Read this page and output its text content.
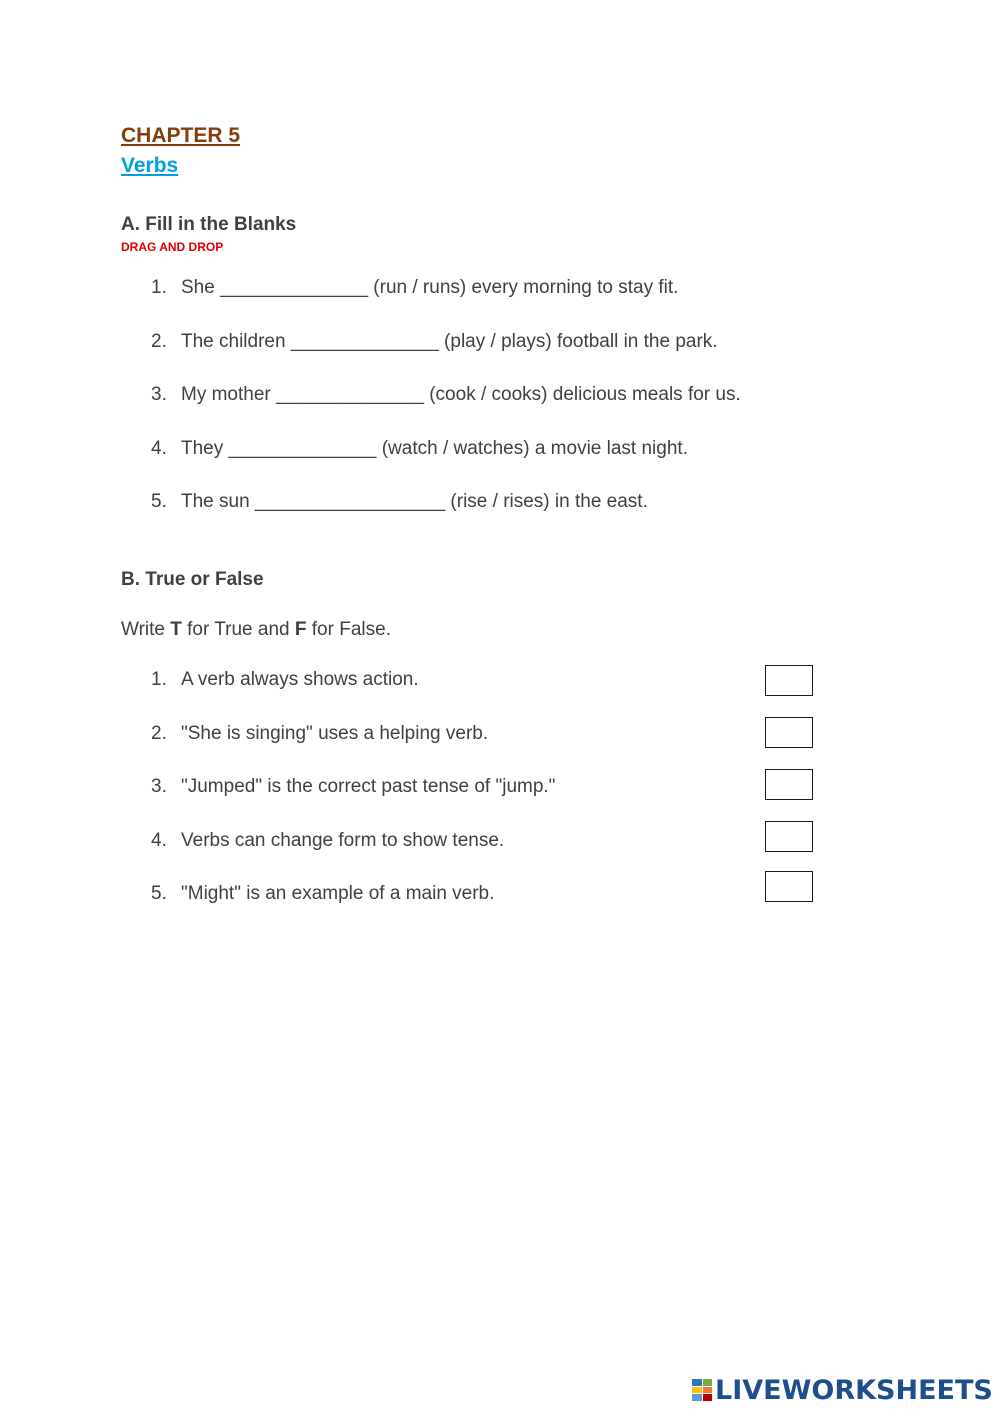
CHAPTER 5
Verbs
A. Fill in the Blanks
DRAG AND DROP
1. She ______________ (run / runs) every morning to stay fit.
2. The children ______________ (play / plays) football in the park.
3. My mother ______________ (cook / cooks) delicious meals for us.
4. They ______________ (watch / watches) a movie last night.
5. The sun __________________ (rise / rises) in the east.
B. True or False
Write T for True and F for False.
1. A verb always shows action.
2. "She is singing" uses a helping verb.
3. "Jumped" is the correct past tense of "jump."
4. Verbs can change form to show tense.
5. "Might" is an example of a main verb.
LIVEWORKSHEETS
